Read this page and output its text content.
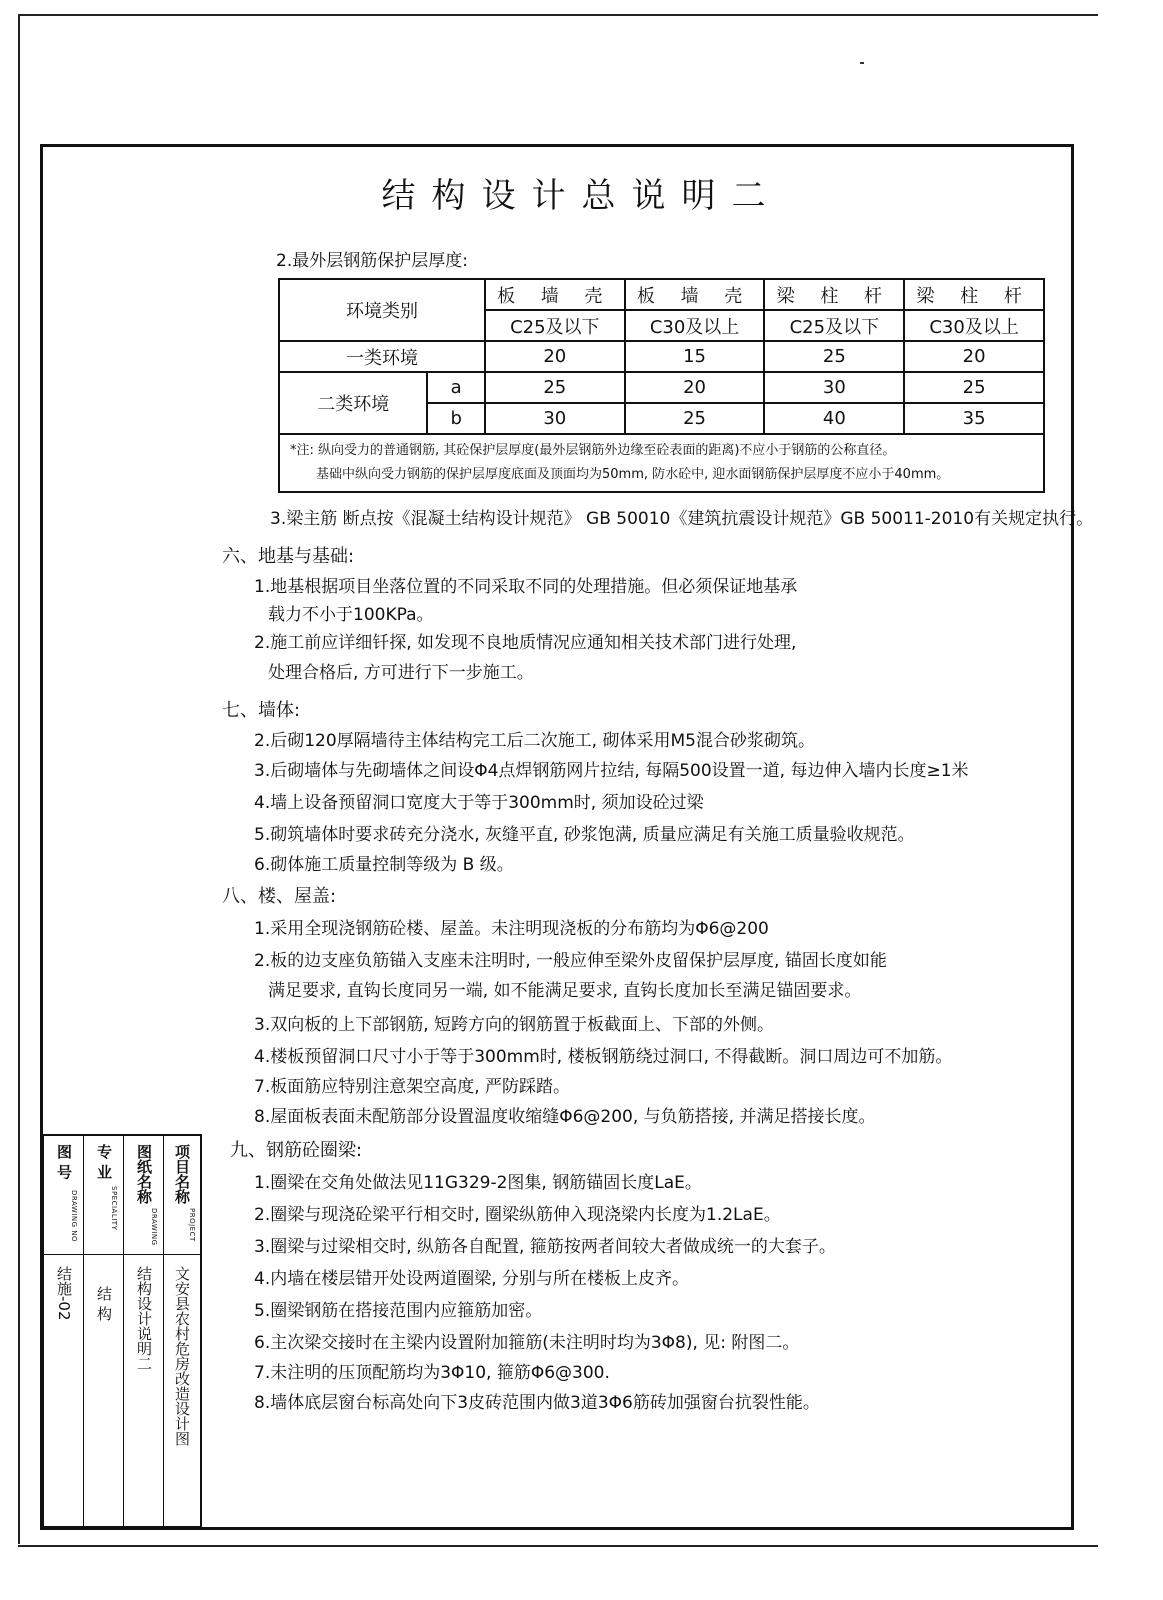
结构设计总说明二
2.最外层钢筋保护层厚度:
环境类别		板 墙 壳	板 墙 壳	梁 柱 杆	梁 柱 杆
		C25及以下	C30及以上	C25及以下	C30及以上
一类环境		20	15	25	20
二类环境	a	25	20	30	25
	b	30	25	40	35

*注: 纵向受力的普通钢筋, 其砼保护层厚度(最外层钢筋外边缘至砼表面的距离)不应小于钢筋的公称直径。
基础中纵向受力钢筋的保护层厚度底面及顶面均为50mm, 防水砼中, 迎水面钢筋保护层厚度不应小于40mm。					
3.梁主筋 断点按《混凝土结构设计规范》 GB 50010《建筑抗震设计规范》GB 50011-2010有关规定执行。
六、地基与基础:
1.地基根据项目坐落位置的不同采取不同的处理措施。但必须保证地基承
载力不小于100KPa。
2.施工前应详细钎探, 如发现不良地质情况应通知相关技术部门进行处理,
处理合格后, 方可进行下一步施工。
七、墙体:
2.后砌120厚隔墙待主体结构完工后二次施工, 砌体采用M5混合砂浆砌筑。
3.后砌墙体与先砌墙体之间设Φ4点焊钢筋网片拉结, 每隔500设置一道, 每边伸入墙内长度≥1米
4.墙上设备预留洞口宽度大于等于300mm时, 须加设砼过梁
5.砌筑墙体时要求砖充分浇水, 灰缝平直, 砂浆饱满, 质量应满足有关施工质量验收规范。
6.砌体施工质量控制等级为 B 级。
八、楼、屋盖:
1.采用全现浇钢筋砼楼、屋盖。未注明现浇板的分布筋均为Φ6@200
2.板的边支座负筋锚入支座未注明时, 一般应伸至梁外皮留保护层厚度, 锚固长度如能
满足要求, 直钩长度同另一端, 如不能满足要求, 直钩长度加长至满足锚固要求。
3.双向板的上下部钢筋, 短跨方向的钢筋置于板截面上、下部的外侧。
4.楼板预留洞口尺寸小于等于300mm时, 楼板钢筋绕过洞口, 不得截断。洞口周边可不加筋。
7.板面筋应特别注意架空高度, 严防踩踏。
8.屋面板表面未配筋部分设置温度收缩缝Φ6@200, 与负筋搭接, 并满足搭接长度。
九、钢筋砼圈梁:
1.圈梁在交角处做法见11G329-2图集, 钢筋锚固长度LaE。
2.圈梁与现浇砼梁平行相交时, 圈梁纵筋伸入现浇梁内长度为1.2LaE。
3.圈梁与过梁相交时, 纵筋各自配置, 箍筋按两者间较大者做成统一的大套子。
4.内墙在楼层错开处设两道圈梁, 分别与所在楼板上皮齐。
5.圈梁钢筋在搭接范围内应箍筋加密。
6.主次梁交接时在主梁内设置附加箍筋(未注明时均为3Φ8), 见: 附图二。
7.未注明的压顶配筋均为3Φ10, 箍筋Φ6@300.
8.墙体底层窗台标高处向下3皮砖范围内做3道3Φ6筋砖加强窗台抗裂性能。
图 号
DRAWING NO
结施-02
专 业
SPECIALITY
结 构
图纸名称
DRAWING
结构设计说明二
项目名称
PROJECT
文安县农村危房改造设计图
